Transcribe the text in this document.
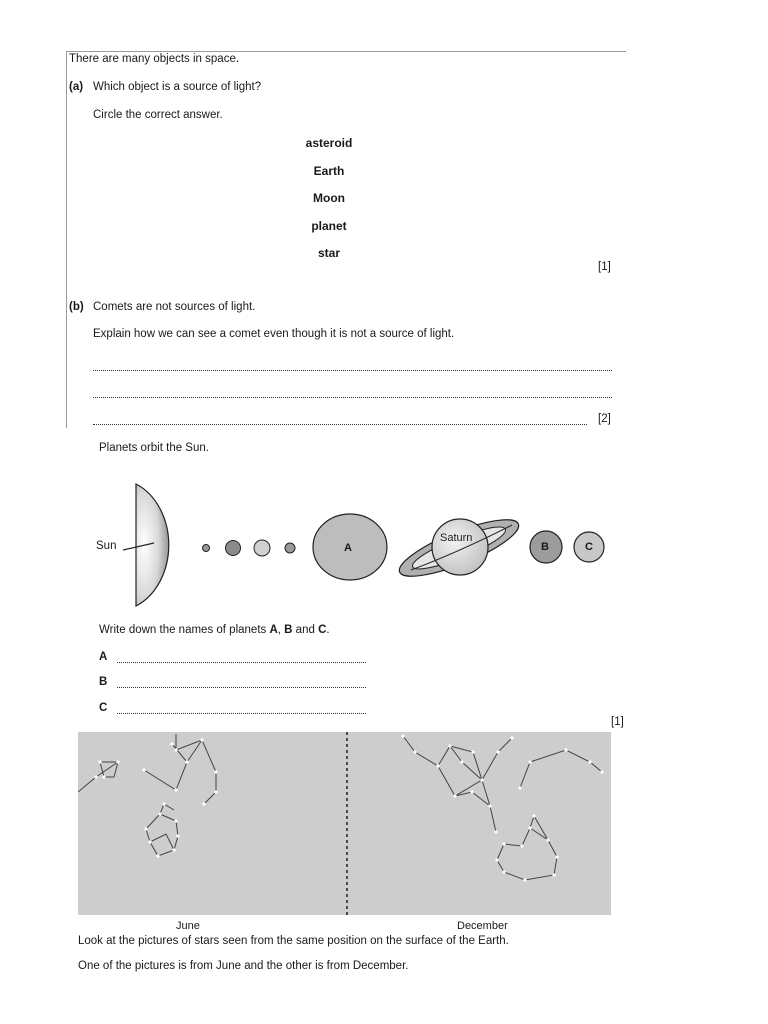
There are many objects in space.
(a) Which object is a source of light?
Circle the correct answer.
asteroid
Earth
Moon
planet
star
[1]
(b) Comets are not sources of light.
Explain how we can see a comet even though it is not a source of light.
[2]
Planets orbit the Sun.
Sun
Saturn
A	B	C
Write down the names of planets A, B and C.
A
B
C
[1]
June	December
Look at the pictures of stars seen from the same position on the surface of the Earth.
One of the pictures is from June and the other is from December.
